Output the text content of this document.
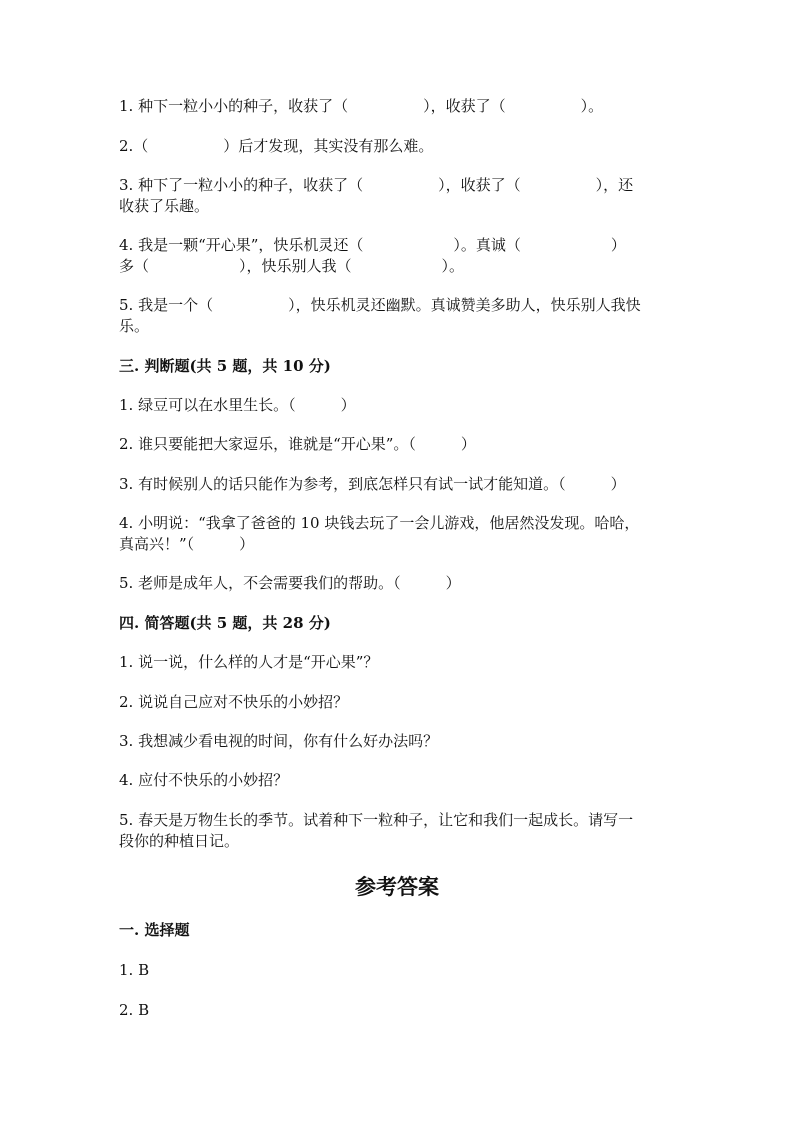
1. 种下一粒小小的种子，收获了（　　　　　），收获了（　　　　　）。

2.（　　　　　）后才发现，其实没有那么难。

3. 种下了一粒小小的种子，收获了（　　　　　），收获了（　　　　　），还

收获了乐趣。

4. 我是一颗“开心果”，快乐机灵还（　　　　　　）。真诚（　　　　　　）

多（　　　　　　），快乐别人我（　　　　　　）。

5. 我是一个（　　　　　），快乐机灵还幽默。真诚赞美多助人，快乐别人我快

乐。

三. 判断题(共 5 题，共 10 分)

1. 绿豆可以在水里生长。（　　　）

2. 谁只要能把大家逗乐，谁就是“开心果”。（　　　）

3. 有时候别人的话只能作为参考，到底怎样只有试一试才能知道。（　　　）

4. 小明说：“我拿了爸爸的 10 块钱去玩了一会儿游戏，他居然没发现。哈哈，

真高兴！”（　　　）

5. 老师是成年人，不会需要我们的帮助。（　　　）

四. 简答题(共 5 题，共 28 分)

1. 说一说，什么样的人才是“开心果”？

2. 说说自己应对不快乐的小妙招？

3. 我想减少看电视的时间，你有什么好办法吗？

4. 应付不快乐的小妙招？

5. 春天是万物生长的季节。试着种下一粒种子，让它和我们一起成长。请写一

段你的种植日记。

参考答案

一. 选择题

1. B

2. B
